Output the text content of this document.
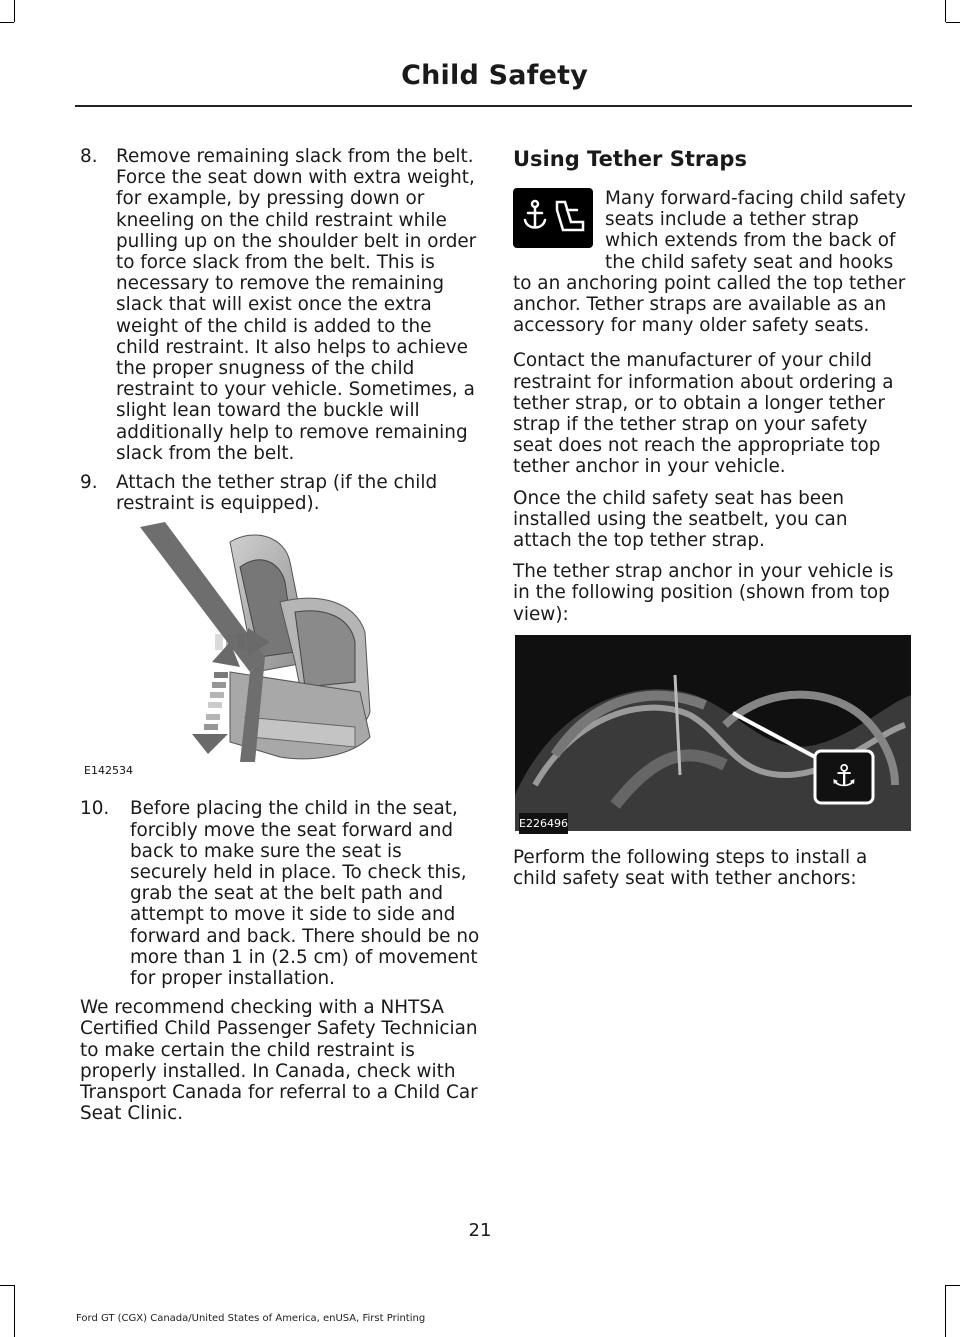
Child Safety
8. Remove remaining slack from the belt. Force the seat down with extra weight, for example, by pressing down or kneeling on the child restraint while pulling up on the shoulder belt in order to force slack from the belt. This is necessary to remove the remaining slack that will exist once the extra weight of the child is added to the child restraint. It also helps to achieve the proper snugness of the child restraint to your vehicle. Sometimes, a slight lean toward the buckle will additionally help to remove remaining slack from the belt.
9. Attach the tether strap (if the child restraint is equipped).
E142534
10. Before placing the child in the seat, forcibly move the seat forward and back to make sure the seat is securely held in place. To check this, grab the seat at the belt path and attempt to move it side to side and forward and back. There should be no more than 1 in (2.5 cm) of movement for proper installation.

We recommend checking with a NHTSA Certified Child Passenger Safety Technician to make certain the child restraint is properly installed. In Canada, check with Transport Canada for referral to a Child Car Seat Clinic.

Using Tether Straps
Many forward-facing child safety seats include a tether strap which extends from the back of the child safety seat and hooks to an anchoring point called the top tether anchor. Tether straps are available as an accessory for many older safety seats.

Contact the manufacturer of your child restraint for information about ordering a tether strap, or to obtain a longer tether strap if the tether strap on your safety seat does not reach the appropriate top tether anchor in your vehicle.

Once the child safety seat has been installed using the seatbelt, you can attach the top tether strap.

The tether strap anchor in your vehicle is in the following position (shown from top view):

⚓
E226496

Perform the following steps to install a child safety seat with tether anchors:

21
Ford GT (CGX) Canada/United States of America, enUSA, First Printing
